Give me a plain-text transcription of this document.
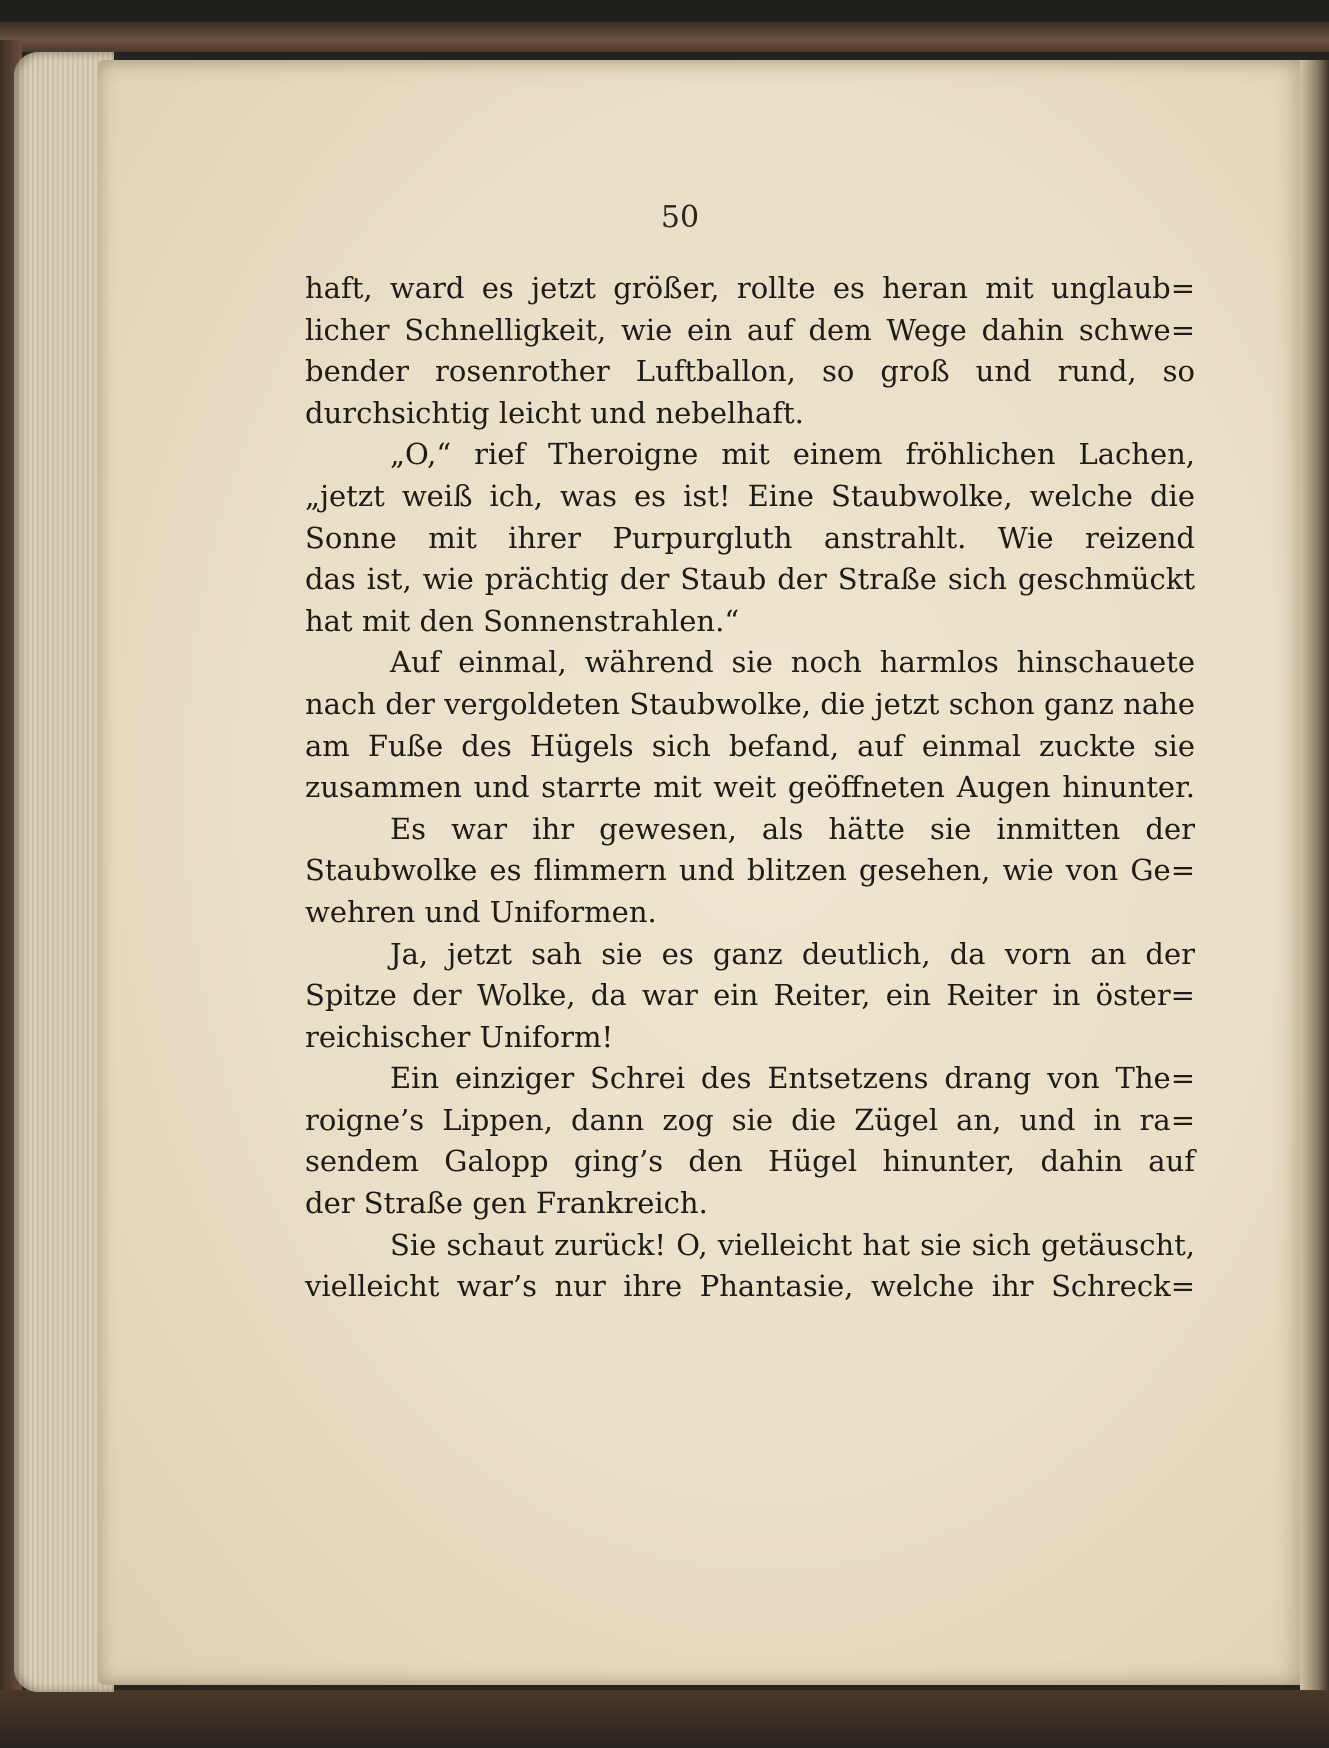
50
haft, ward es jetzt größer, rollte es heran mit unglaub=
licher Schnelligkeit, wie ein auf dem Wege dahin schwe=
bender rosenrother Luftballon, so groß und rund, so
durchsichtig leicht und nebelhaft.
„O,“ rief Theroigne mit einem fröhlichen Lachen,
„jetzt weiß ich, was es ist! Eine Staubwolke, welche die
Sonne mit ihrer Purpurgluth anstrahlt. Wie reizend
das ist, wie prächtig der Staub der Straße sich geschmückt
hat mit den Sonnenstrahlen.“
Auf einmal, während sie noch harmlos hinschauete
nach der vergoldeten Staubwolke, die jetzt schon ganz nahe
am Fuße des Hügels sich befand, auf einmal zuckte sie
zusammen und starrte mit weit geöffneten Augen hinunter.
Es war ihr gewesen, als hätte sie inmitten der
Staubwolke es flimmern und blitzen gesehen, wie von Ge=
wehren und Uniformen.
Ja, jetzt sah sie es ganz deutlich, da vorn an der
Spitze der Wolke, da war ein Reiter, ein Reiter in öster=
reichischer Uniform!
Ein einziger Schrei des Entsetzens drang von The=
roigne’s Lippen, dann zog sie die Zügel an, und in ra=
sendem Galopp ging’s den Hügel hinunter, dahin auf
der Straße gen Frankreich.
Sie schaut zurück! O, vielleicht hat sie sich getäuscht,
vielleicht war’s nur ihre Phantasie, welche ihr Schreck=
